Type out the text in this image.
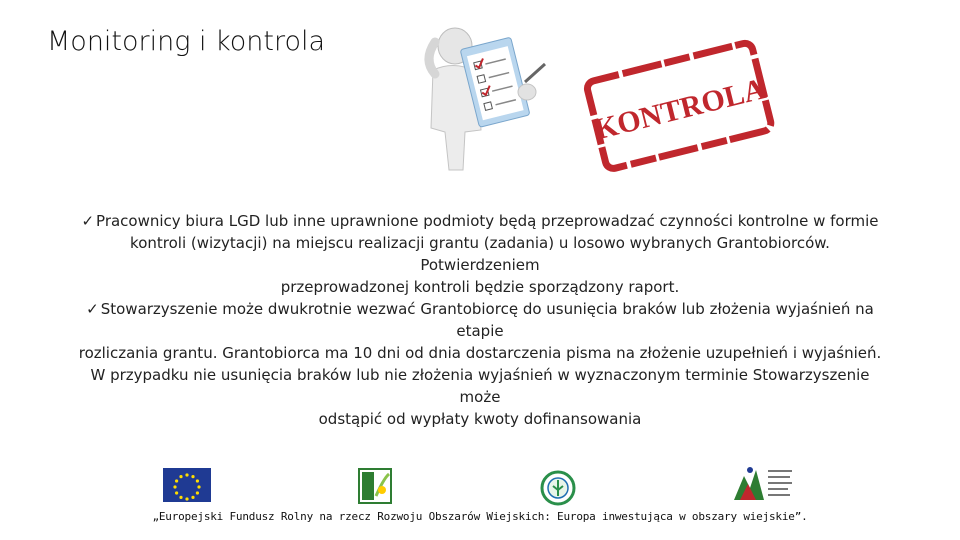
Monitoring i kontrola
KONTROLA
✓ Pracownicy biura LGD lub inne uprawnione podmioty będą przeprowadzać czynności kontrolne w formie
kontroli (wizytacji) na miejscu realizacji grantu (zadania) u losowo wybranych Grantobiorców. Potwierdzeniem
przeprowadzonej kontroli będzie sporządzony raport.
✓ Stowarzyszenie może dwukrotnie wezwać Grantobiorcę do usunięcia braków lub złożenia wyjaśnień na etapie
rozliczania grantu. Grantobiorca ma 10 dni od dnia dostarczenia pisma na złożenie uzupełnień i wyjaśnień.
W przypadku nie usunięcia braków lub nie złożenia wyjaśnień w wyznaczonym terminie Stowarzyszenie może
odstąpić od wypłaty kwoty dofinansowania
„Europejski Fundusz Rolny na rzecz Rozwoju Obszarów Wiejskich: Europa inwestująca w obszary wiejskie”.
